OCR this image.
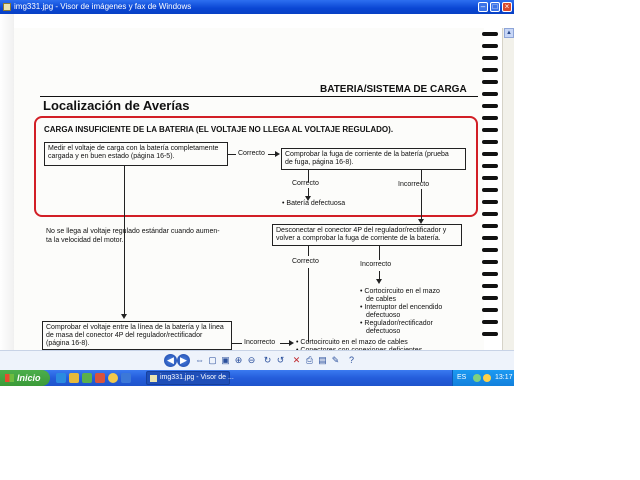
img331.jpg - Visor de imágenes y fax de Windows	– □ ×
BATERIA/SISTEMA DE CARGA
Localización de Averías
CARGA INSUFICIENTE DE LA BATERIA (EL VOLTAJE NO LLEGA AL VOLTAJE REGULADO).
Medir el voltaje de carga con la batería completamente
cargada y en buen estado (página 16-5).	Correcto	Comprobar la fuga de corriente de la batería (prueba
de fuga, página 16-8).
Correcto	Incorrecto
• Batería defectuosa
No se llega al voltaje regulado estándar cuando aumen-
ta la velocidad del motor.
Desconectar el conector 4P del regulador/rectificador y
volver a comprobar la fuga de corriente de la batería.
Correcto	Incorrecto
• Cortocircuito en el mazo
de cables
• Interruptor del encendido
defectuoso
• Regulador/rectificador
defectuoso
Comprobar el voltaje entre la línea de la batería y la línea
de masa del conector 4P del regulador/rectificador
(página 16-8).	Incorrecto	• Cortocircuito en el mazo de cables
▲
◀ ▶ ⇔ ▢ ▣ ⊕ ⊖ ↻ ↺ ✕ ⎙ ▤ ✎	?
Inicio	img331.jpg - Visor de ...	ES	13:17
